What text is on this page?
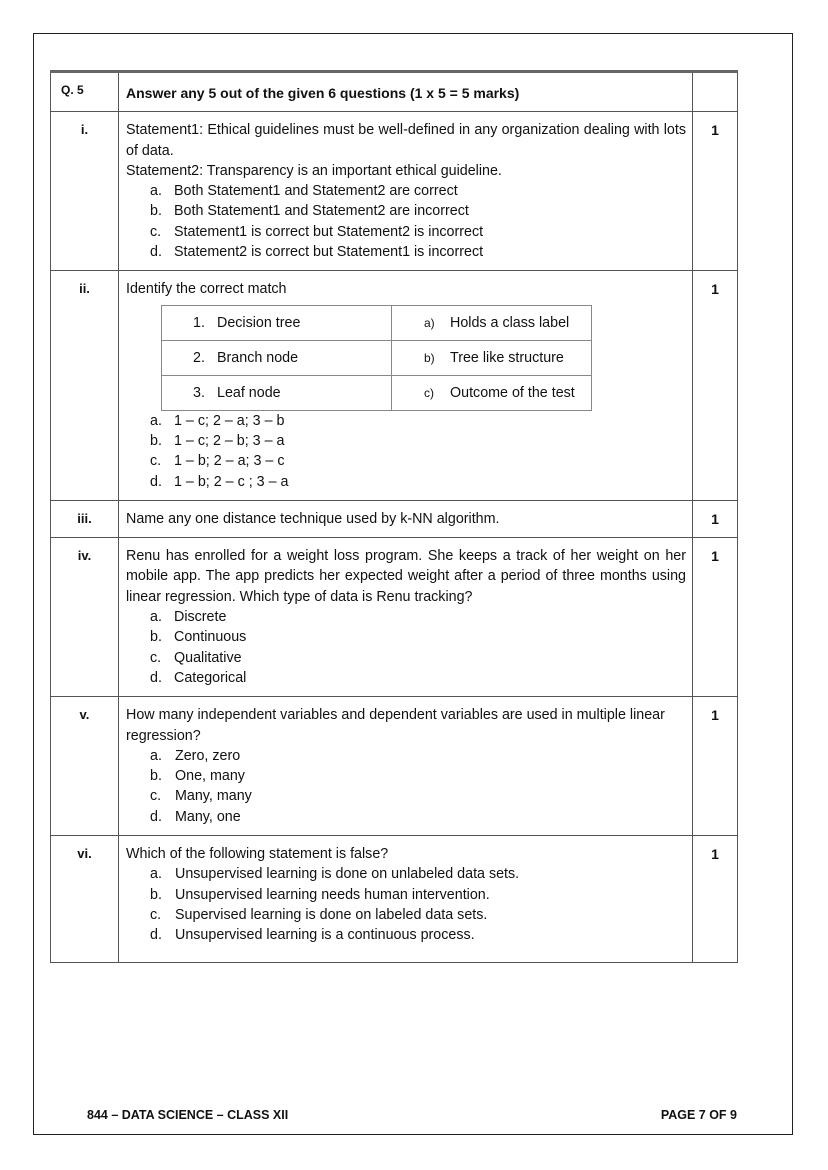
Q. 5	Answer any 5 out of the given 6 questions (1 x 5 = 5 marks)	
i.	Statement1: Ethical guidelines must be well-defined in any organization dealing with lots of data.
Statement2: Transparency is an important ethical guideline.
a. Both Statement1 and Statement2 are correct
b. Both Statement1 and Statement2 are incorrect
c. Statement1 is correct but Statement2 is incorrect
d. Statement2 is correct but Statement1 is incorrect
	1
ii.	Identify the correct match
1. Decision tree	a) Holds a class label
2. Branch node	b) Tree like structure
3. Leaf node	c) Outcome of the test
a. 1 – c; 2 – a; 3 – b
b. 1 – c; 2 – b; 3 – a
c. 1 – b; 2 – a; 3 – c
d. 1 – b; 2 – c ; 3 – a
	1
iii.	Name any one distance technique used by k-NN algorithm.	1
iv.	Renu has enrolled for a weight loss program. She keeps a track of her weight on her mobile app. The app predicts her expected weight after a period of three months using linear regression. Which type of data is Renu tracking?
a. Discrete
b. Continuous
c. Qualitative
d. Categorical
	1
v.	How many independent variables and dependent variables are used in multiple linear regression?
a. Zero, zero
b. One, many
c. Many, many
d. Many, one
	1
vi.	Which of the following statement is false?
a. Unsupervised learning is done on unlabeled data sets.
b. Unsupervised learning needs human intervention.
c. Supervised learning is done on labeled data sets.
d. Unsupervised learning is a continuous process.
	1
844 – DATA SCIENCE – CLASS XII	PAGE 7 OF 9
